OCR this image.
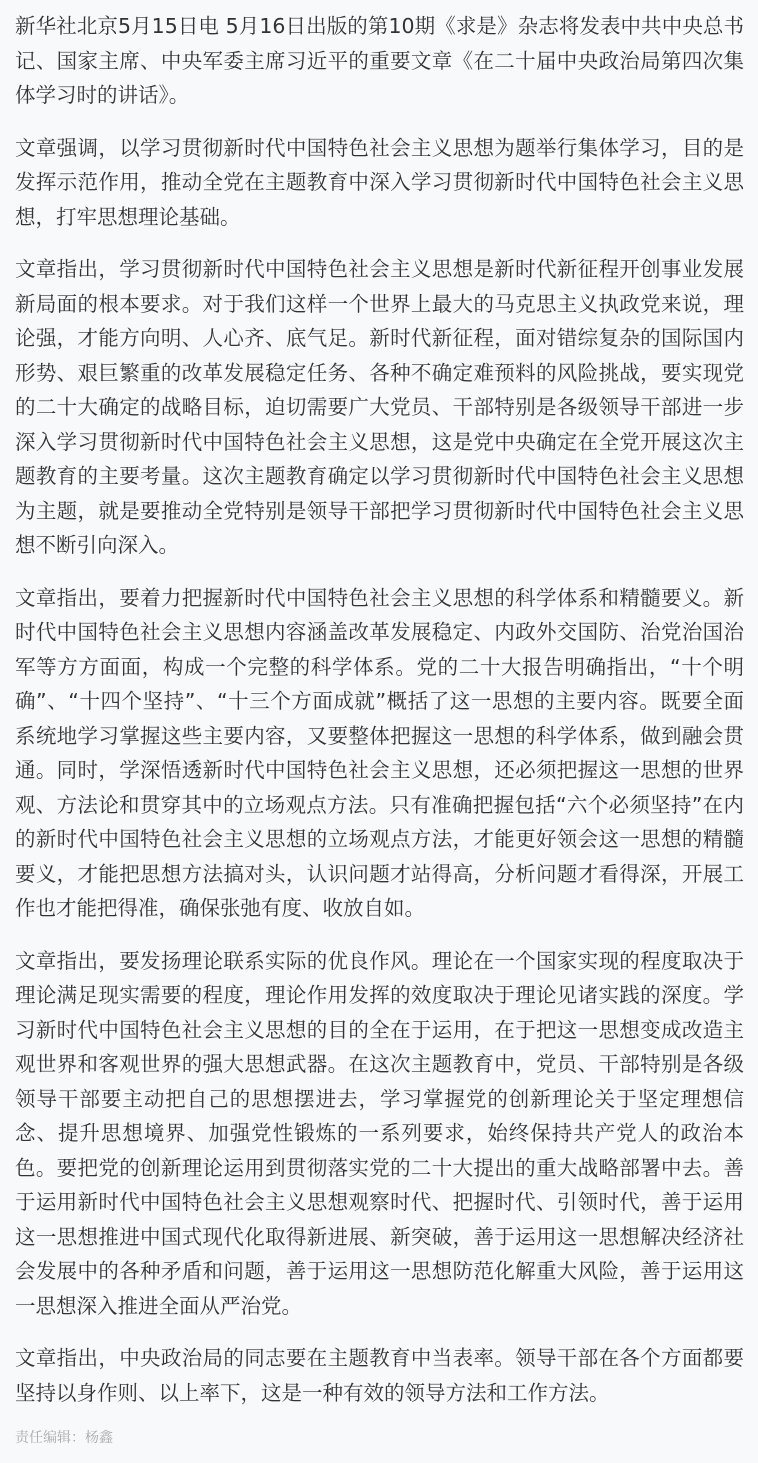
新华社北京5月15日电 5月16日出版的第10期《求是》杂志将发表中共中央总书记、国家主席、中央军委主席习近平的重要文章《在二十届中央政治局第四次集体学习时的讲话》。

文章强调，以学习贯彻新时代中国特色社会主义思想为题举行集体学习，目的是发挥示范作用，推动全党在主题教育中深入学习贯彻新时代中国特色社会主义思想，打牢思想理论基础。

文章指出，学习贯彻新时代中国特色社会主义思想是新时代新征程开创事业发展新局面的根本要求。对于我们这样一个世界上最大的马克思主义执政党来说，理论强，才能方向明、人心齐、底气足。新时代新征程，面对错综复杂的国际国内形势、艰巨繁重的改革发展稳定任务、各种不确定难预料的风险挑战，要实现党的二十大确定的战略目标，迫切需要广大党员、干部特别是各级领导干部进一步深入学习贯彻新时代中国特色社会主义思想，这是党中央确定在全党开展这次主题教育的主要考量。这次主题教育确定以学习贯彻新时代中国特色社会主义思想为主题，就是要推动全党特别是领导干部把学习贯彻新时代中国特色社会主义思想不断引向深入。

文章指出，要着力把握新时代中国特色社会主义思想的科学体系和精髓要义。新时代中国特色社会主义思想内容涵盖改革发展稳定、内政外交国防、治党治国治军等方方面面，构成一个完整的科学体系。党的二十大报告明确指出，“十个明确”、“十四个坚持”、“十三个方面成就”概括了这一思想的主要内容。既要全面系统地学习掌握这些主要内容，又要整体把握这一思想的科学体系，做到融会贯通。同时，学深悟透新时代中国特色社会主义思想，还必须把握这一思想的世界观、方法论和贯穿其中的立场观点方法。只有准确把握包括“六个必须坚持”在内的新时代中国特色社会主义思想的立场观点方法，才能更好领会这一思想的精髓要义，才能把思想方法搞对头，认识问题才站得高，分析问题才看得深，开展工作也才能把得准，确保张弛有度、收放自如。

文章指出，要发扬理论联系实际的优良作风。理论在一个国家实现的程度取决于理论满足现实需要的程度，理论作用发挥的效度取决于理论见诸实践的深度。学习新时代中国特色社会主义思想的目的全在于运用，在于把这一思想变成改造主观世界和客观世界的强大思想武器。在这次主题教育中，党员、干部特别是各级领导干部要主动把自己的思想摆进去，学习掌握党的创新理论关于坚定理想信念、提升思想境界、加强党性锻炼的一系列要求，始终保持共产党人的政治本色。要把党的创新理论运用到贯彻落实党的二十大提出的重大战略部署中去。善于运用新时代中国特色社会主义思想观察时代、把握时代、引领时代，善于运用这一思想推进中国式现代化取得新进展、新突破，善于运用这一思想解决经济社会发展中的各种矛盾和问题，善于运用这一思想防范化解重大风险，善于运用这一思想深入推进全面从严治党。

文章指出，中央政治局的同志要在主题教育中当表率。领导干部在各个方面都要坚持以身作则、以上率下，这是一种有效的领导方法和工作方法。

责任编辑：杨鑫
